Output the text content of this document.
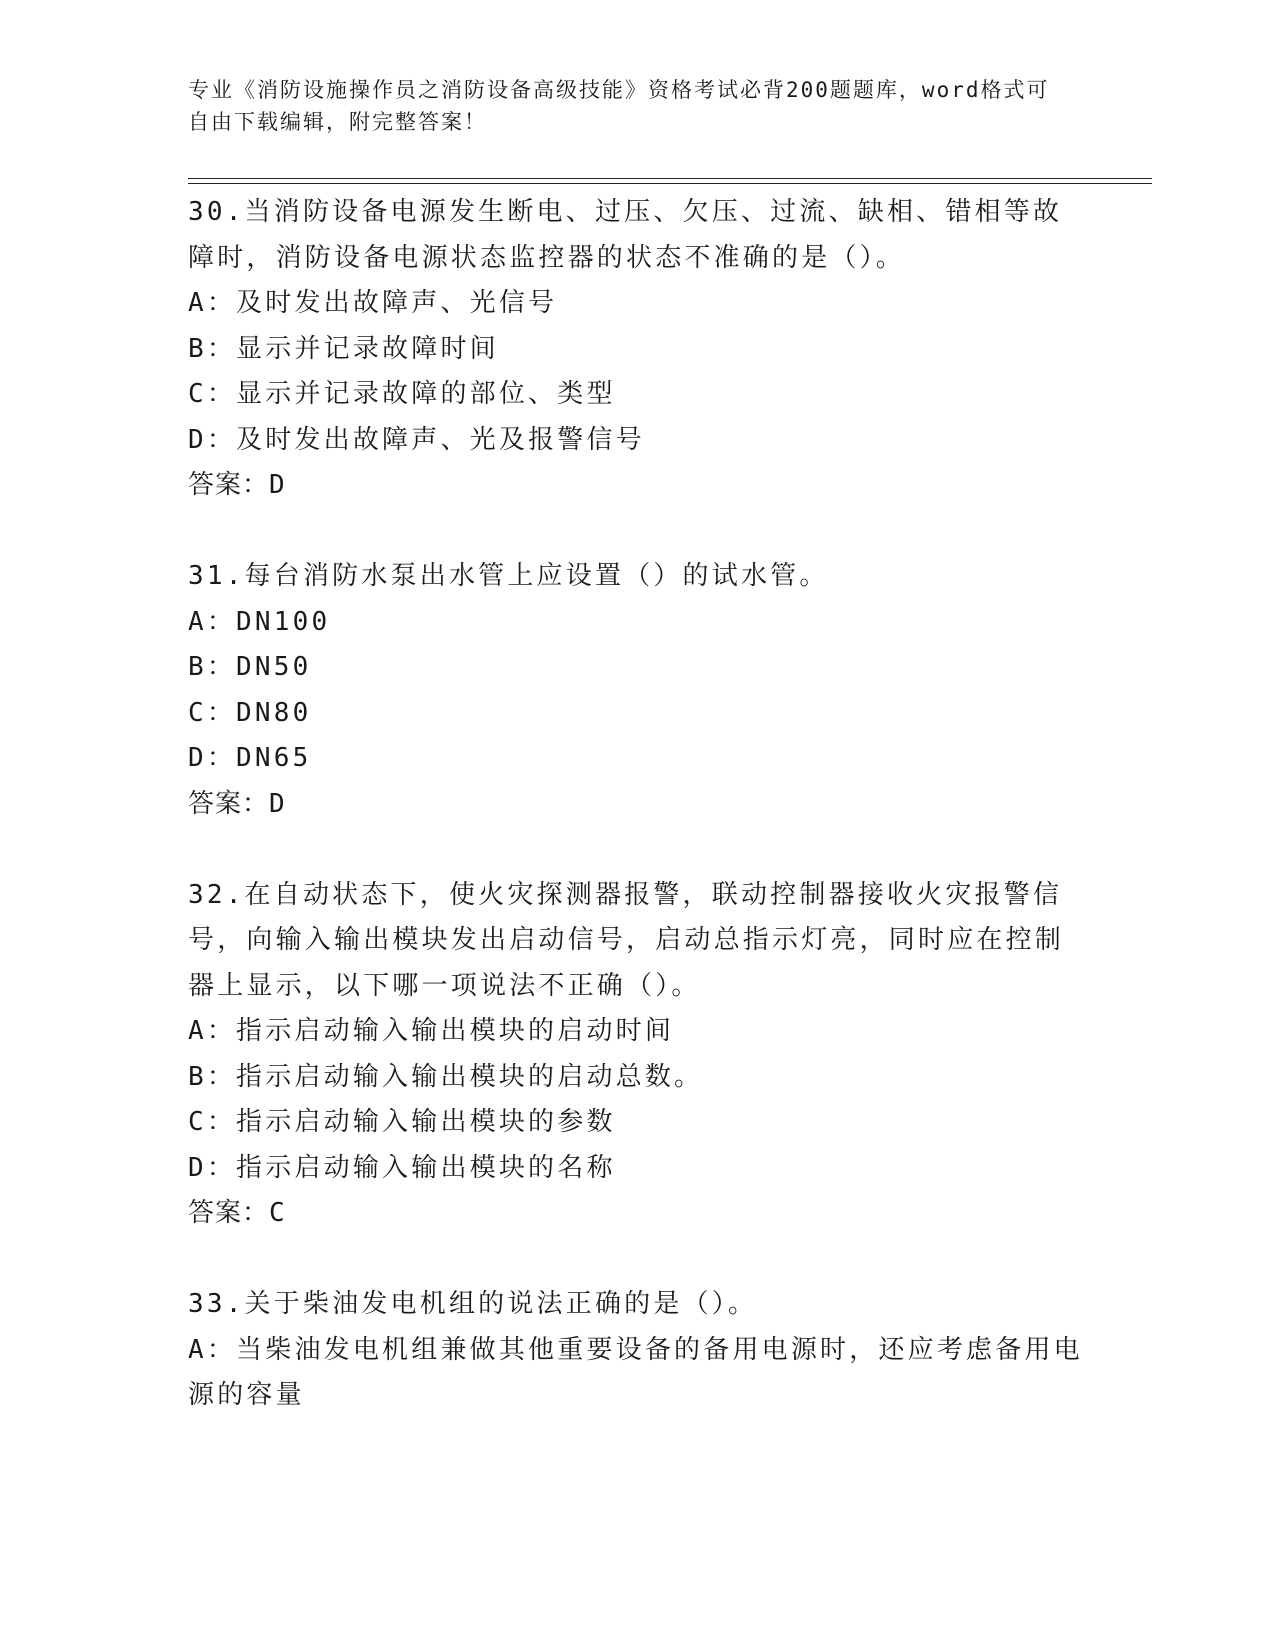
专业《消防设施操作员之消防设备高级技能》资格考试必背200题题库，word格式可自由下载编辑，附完整答案！

30.当消防设备电源发生断电、过压、欠压、过流、缺相、错相等故障时，消防设备电源状态监控器的状态不准确的是（）。

A：及时发出故障声、光信号

B：显示并记录故障时间

C：显示并记录故障的部位、类型

D：及时发出故障声、光及报警信号

答案：D

31.每台消防水泵出水管上应设置（）的试水管。

A：DN100

B：DN50

C：DN80

D：DN65

答案：D

32.在自动状态下，使火灾探测器报警，联动控制器接收火灾报警信号，向输入输出模块发出启动信号，启动总指示灯亮，同时应在控制器上显示，以下哪一项说法不正确（）。

A：指示启动输入输出模块的启动时间

B：指示启动输入输出模块的启动总数。

C：指示启动输入输出模块的参数

D：指示启动输入输出模块的名称

答案：C

33.关于柴油发电机组的说法正确的是（）。

A：当柴油发电机组兼做其他重要设备的备用电源时，还应考虑备用电源的容量
